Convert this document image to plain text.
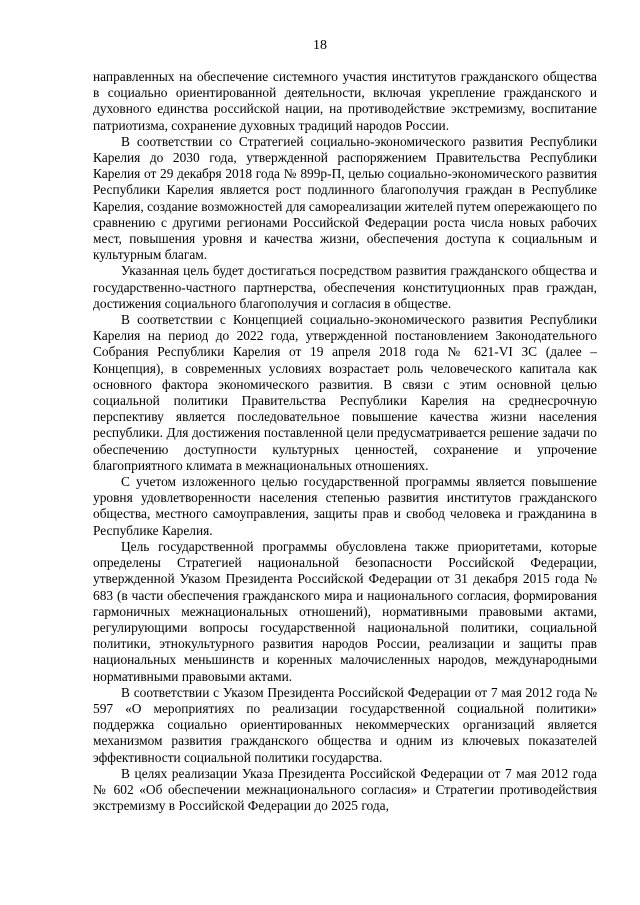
18

направленных на обеспечение системного участия институтов гражданского общества в социально ориентированной деятельности, включая укрепление гражданского и духовного единства российской нации, на противодействие экстремизму, воспитание патриотизма, сохранение духовных традиций народов России.

В соответствии со Стратегией социально-экономического развития Республики Карелия до 2030 года, утвержденной распоряжением Правительства Республики Карелия от 29 декабря 2018 года № 899р-П, целью социально-экономического развития Республики Карелия является рост подлинного благополучия граждан в Республике Карелия, создание возможностей для самореализации жителей путем опережающего по сравнению с другими регионами Российской Федерации роста числа новых рабочих мест, повышения уровня и качества жизни, обеспечения доступа к социальным и культурным благам.

Указанная цель будет достигаться посредством развития гражданского общества и государственно-частного партнерства, обеспечения конституционных прав граждан, достижения социального благополучия и согласия в обществе.

В соответствии с Концепцией социально-экономического развития Республики Карелия на период до 2022 года, утвержденной постановлением Законодательного Собрания Республики Карелия от 19 апреля 2018 года № 621-VI ЗС (далее – Концепция), в современных условиях возрастает роль человеческого капитала как основного фактора экономического развития. В связи с этим основной целью социальной политики Правительства Республики Карелия на среднесрочную перспективу является последовательное повышение качества жизни населения республики. Для достижения поставленной цели предусматривается решение задачи по обеспечению доступности культурных ценностей, сохранение и упрочение благоприятного климата в межнациональных отношениях.

С учетом изложенного целью государственной программы является повышение уровня удовлетворенности населения степенью развития институтов гражданского общества, местного самоуправления, защиты прав и свобод человека и гражданина в Республике Карелия.

Цель государственной программы обусловлена также приоритетами, которые определены Стратегией национальной безопасности Российской Федерации, утвержденной Указом Президента Российской Федерации от 31 декабря 2015 года № 683 (в части обеспечения гражданского мира и национального согласия, формирования гармоничных межнациональных отношений), нормативными правовыми актами, регулирующими вопросы государственной национальной политики, социальной политики, этнокультурного развития народов России, реализации и защиты прав национальных меньшинств и коренных малочисленных народов, международными нормативными правовыми актами.

В соответствии с Указом Президента Российской Федерации от 7 мая 2012 года № 597 «О мероприятиях по реализации государственной социальной политики» поддержка социально ориентированных некоммерческих организаций является механизмом развития гражданского общества и одним из ключевых показателей эффективности социальной политики государства.

В целях реализации Указа Президента Российской Федерации от 7 мая 2012 года № 602 «Об обеспечении межнационального согласия» и Стратегии противодействия экстремизму в Российской Федерации до 2025 года,
